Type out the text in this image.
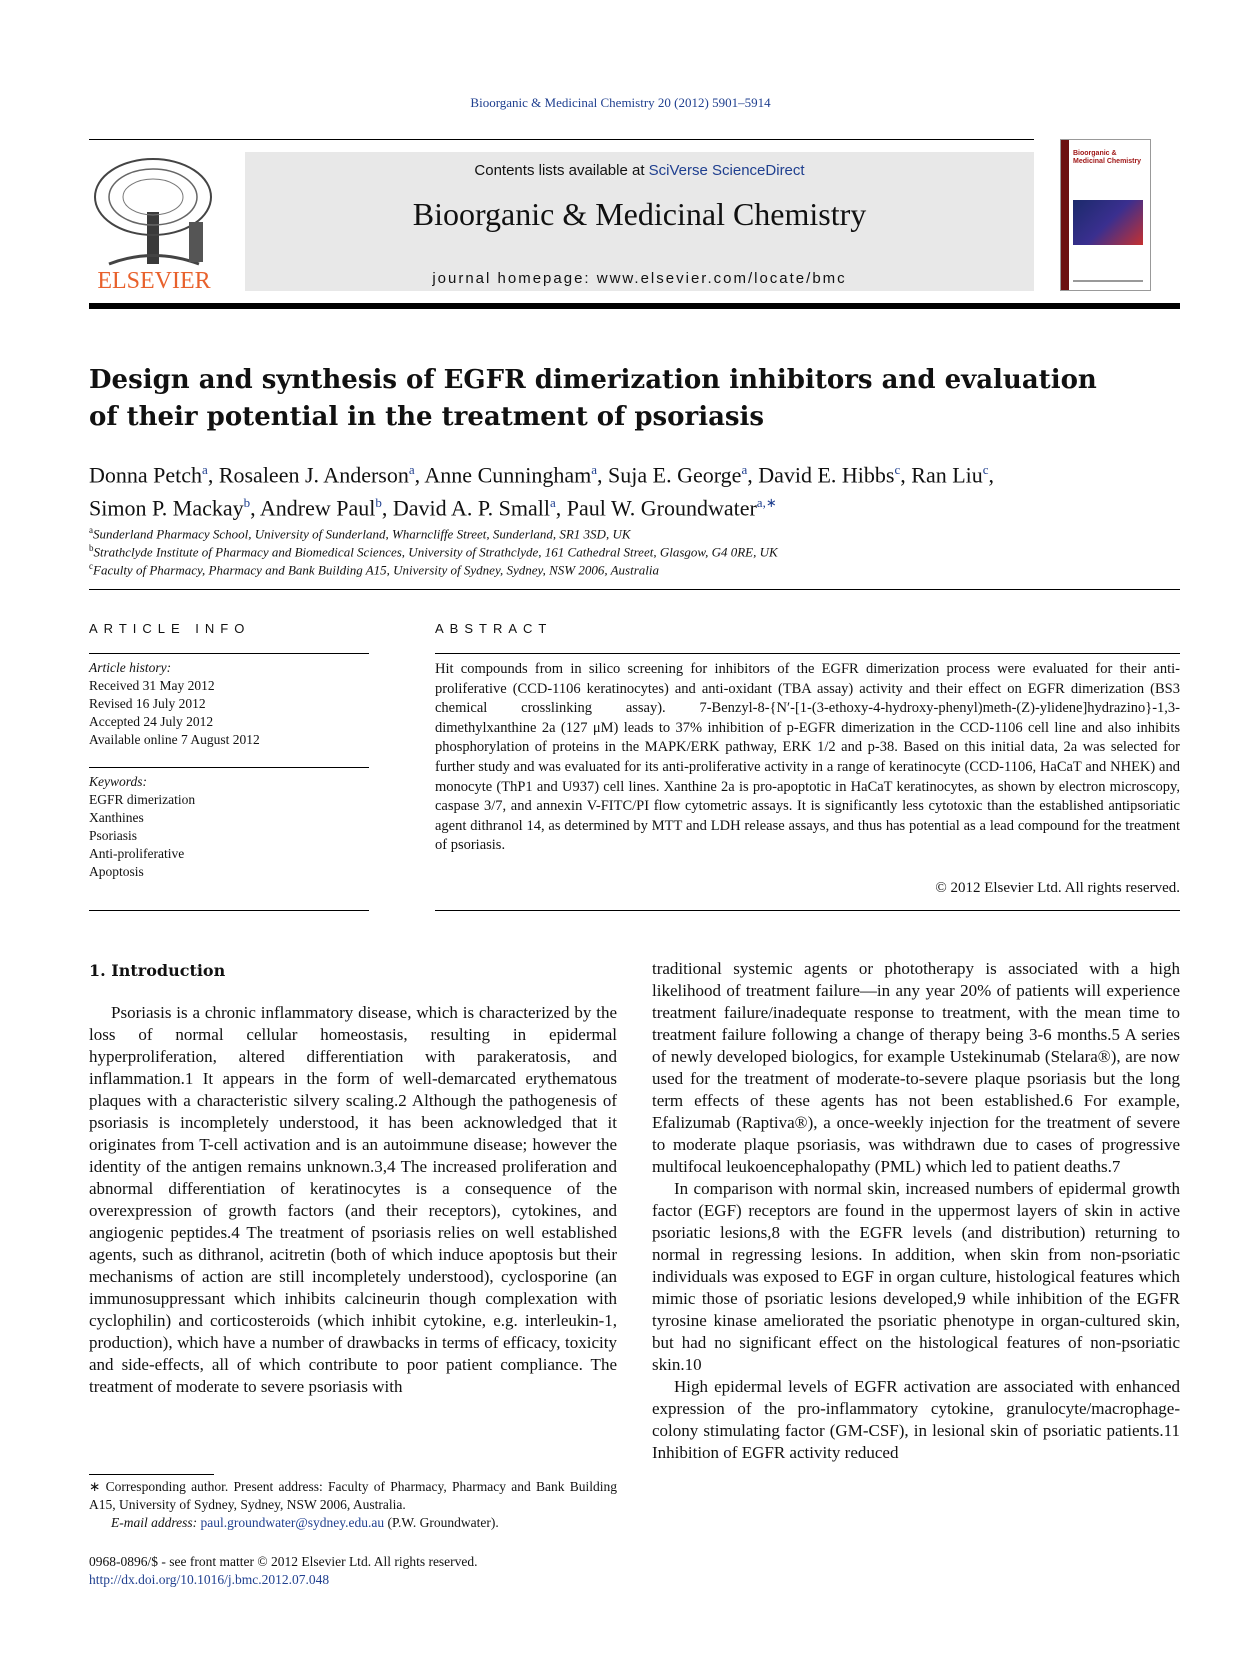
Bioorganic & Medicinal Chemistry 20 (2012) 5901–5914
ELSEVIER
Contents lists available at SciVerse ScienceDirect
Bioorganic & Medicinal Chemistry
journal homepage: www.elsevier.com/locate/bmc
Bioorganic & Medicinal Chemistry
Design and synthesis of EGFR dimerization inhibitors and evaluation
of their potential in the treatment of psoriasis
Donna Petch$^a$, Rosaleen J. Anderson$^a$, Anne Cunningham$^a$, Suja E. George$^a$, David E. Hibbs$^c$, Ran Liu$^c$,
Simon P. Mackay$^b$, Andrew Paul$^b$, David A. P. Small$^a$, Paul W. Groundwater$^{a,∗}$
$^a$Sunderland Pharmacy School, University of Sunderland, Wharncliffe Street, Sunderland, SR1 3SD, UK
$^b$Strathclyde Institute of Pharmacy and Biomedical Sciences, University of Strathclyde, 161 Cathedral Street, Glasgow, G4 0RE, UK
$^c$Faculty of Pharmacy, Pharmacy and Bank Building A15, University of Sydney, Sydney, NSW 2006, Australia
ARTICLE INFO
Article history:
Received 31 May 2012
Revised 16 July 2012
Accepted 24 July 2012
Available online 7 August 2012
Keywords:
EGFR dimerization
Xanthines
Psoriasis
Anti-proliferative
Apoptosis
ABSTRACT
Hit compounds from in silico screening for inhibitors of the EGFR dimerization process were evaluated for their anti-proliferative (CCD-1106 keratinocytes) and anti-oxidant (TBA assay) activity and their effect on EGFR dimerization (BS3 chemical crosslinking assay). 7-Benzyl-8-{N′-[1-(3-ethoxy-4-hydroxy-phenyl)meth-(Z)-ylidene]hydrazino}-1,3-dimethylxanthine 2a (127 μM) leads to 37% inhibition of p-EGFR dimerization in the CCD-1106 cell line and also inhibits phosphorylation of proteins in the MAPK/ERK pathway, ERK 1/2 and p-38. Based on this initial data, 2a was selected for further study and was evaluated for its anti-proliferative activity in a range of keratinocyte (CCD-1106, HaCaT and NHEK) and monocyte (ThP1 and U937) cell lines. Xanthine 2a is pro-apoptotic in HaCaT keratinocytes, as shown by electron microscopy, caspase 3/7, and annexin V-FITC/PI flow cytometric assays. It is significantly less cytotoxic than the established antipsoriatic agent dithranol 14, as determined by MTT and LDH release assays, and thus has potential as a lead compound for the treatment of psoriasis.
© 2012 Elsevier Ltd. All rights reserved.
1. Introduction

Psoriasis is a chronic inflammatory disease, which is characterized by the loss of normal cellular homeostasis, resulting in epidermal hyperproliferation, altered differentiation with parakeratosis, and inflammation.1 It appears in the form of well-demarcated erythematous plaques with a characteristic silvery scaling.2 Although the pathogenesis of psoriasis is incompletely understood, it has been acknowledged that it originates from T-cell activation and is an autoimmune disease; however the identity of the antigen remains unknown.3,4 The increased proliferation and abnormal differentiation of keratinocytes is a consequence of the overexpression of growth factors (and their receptors), cytokines, and angiogenic peptides.4 The treatment of psoriasis relies on well established agents, such as dithranol, acitretin (both of which induce apoptosis but their mechanisms of action are still incompletely understood), cyclosporine (an immunosuppressant which inhibits calcineurin though complexation with cyclophilin) and corticosteroids (which inhibit cytokine, e.g. interleukin-1, production), which have a number of drawbacks in terms of efficacy, toxicity and side-effects, all of which contribute to poor patient compliance. The treatment of moderate to severe psoriasis with

traditional systemic agents or phototherapy is associated with a high likelihood of treatment failure—in any year 20% of patients will experience treatment failure/inadequate response to treatment, with the mean time to treatment failure following a change of therapy being 3-6 months.5 A series of newly developed biologics, for example Ustekinumab (Stelara®), are now used for the treatment of moderate-to-severe plaque psoriasis but the long term effects of these agents has not been established.6 For example, Efalizumab (Raptiva®), a once-weekly injection for the treatment of severe to moderate plaque psoriasis, was withdrawn due to cases of progressive multifocal leukoencephalopathy (PML) which led to patient deaths.7

In comparison with normal skin, increased numbers of epidermal growth factor (EGF) receptors are found in the uppermost layers of skin in active psoriatic lesions,8 with the EGFR levels (and distribution) returning to normal in regressing lesions. In addition, when skin from non-psoriatic individuals was exposed to EGF in organ culture, histological features which mimic those of psoriatic lesions developed,9 while inhibition of the EGFR tyrosine kinase ameliorated the psoriatic phenotype in organ-cultured skin, but had no significant effect on the histological features of non-psoriatic skin.10

High epidermal levels of EGFR activation are associated with enhanced expression of the pro-inflammatory cytokine, granulocyte/macrophage-colony stimulating factor (GM-CSF), in lesional skin of psoriatic patients.11 Inhibition of EGFR activity reduced

∗ Corresponding author. Present address: Faculty of Pharmacy, Pharmacy and Bank Building A15, University of Sydney, Sydney, NSW 2006, Australia.
E-mail address: paul.groundwater@sydney.edu.au (P.W. Groundwater).
0968-0896/$ - see front matter © 2012 Elsevier Ltd. All rights reserved.
http://dx.doi.org/10.1016/j.bmc.2012.07.048
